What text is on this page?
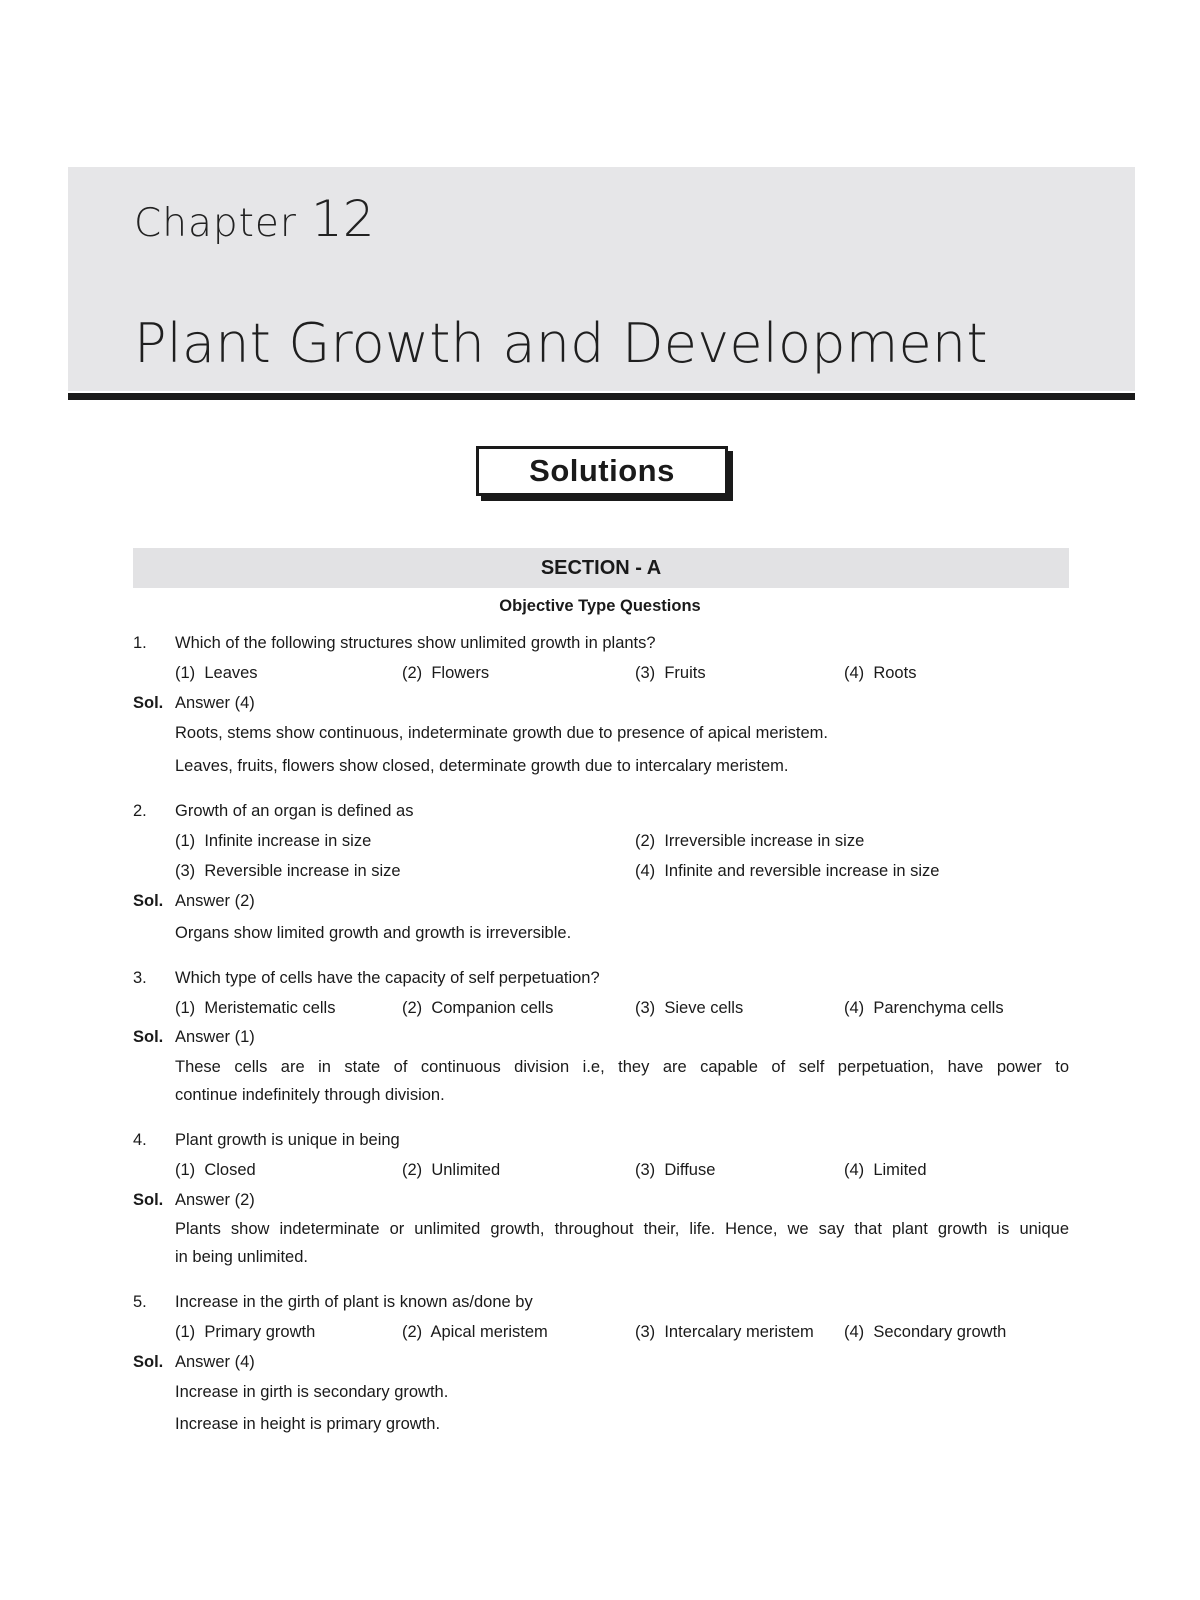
Chapter 12
Plant Growth and Development
Solutions
SECTION - A
Objective Type Questions
1. Which of the following structures show unlimited growth in plants?
(1) Leaves	(2) Flowers	(3) Fruits	(4) Roots
Sol. Answer (4)
Roots, stems show continuous, indeterminate growth due to presence of apical meristem.
Leaves, fruits, flowers show closed, determinate growth due to intercalary meristem.
2. Growth of an organ is defined as
(1) Infinite increase in size	(2) Irreversible increase in size
(3) Reversible increase in size	(4) Infinite and reversible increase in size
Sol. Answer (2)
Organs show limited growth and growth is irreversible.
3. Which type of cells have the capacity of self perpetuation?
(1) Meristematic cells	(2) Companion cells	(3) Sieve cells	(4) Parenchyma cells
Sol. Answer (1)
These cells are in state of continuous division i.e, they are capable of self perpetuation, have power to
continue indefinitely through division.
4. Plant growth is unique in being
(1) Closed	(2) Unlimited	(3) Diffuse	(4) Limited
Sol. Answer (2)
Plants show indeterminate or unlimited growth, throughout their, life. Hence, we say that plant growth is unique
in being unlimited.
5. Increase in the girth of plant is known as/done by
(1) Primary growth	(2) Apical meristem	(3) Intercalary meristem (4) Secondary growth
Sol. Answer (4)
Increase in girth is secondary growth.
Increase in height is primary growth.
